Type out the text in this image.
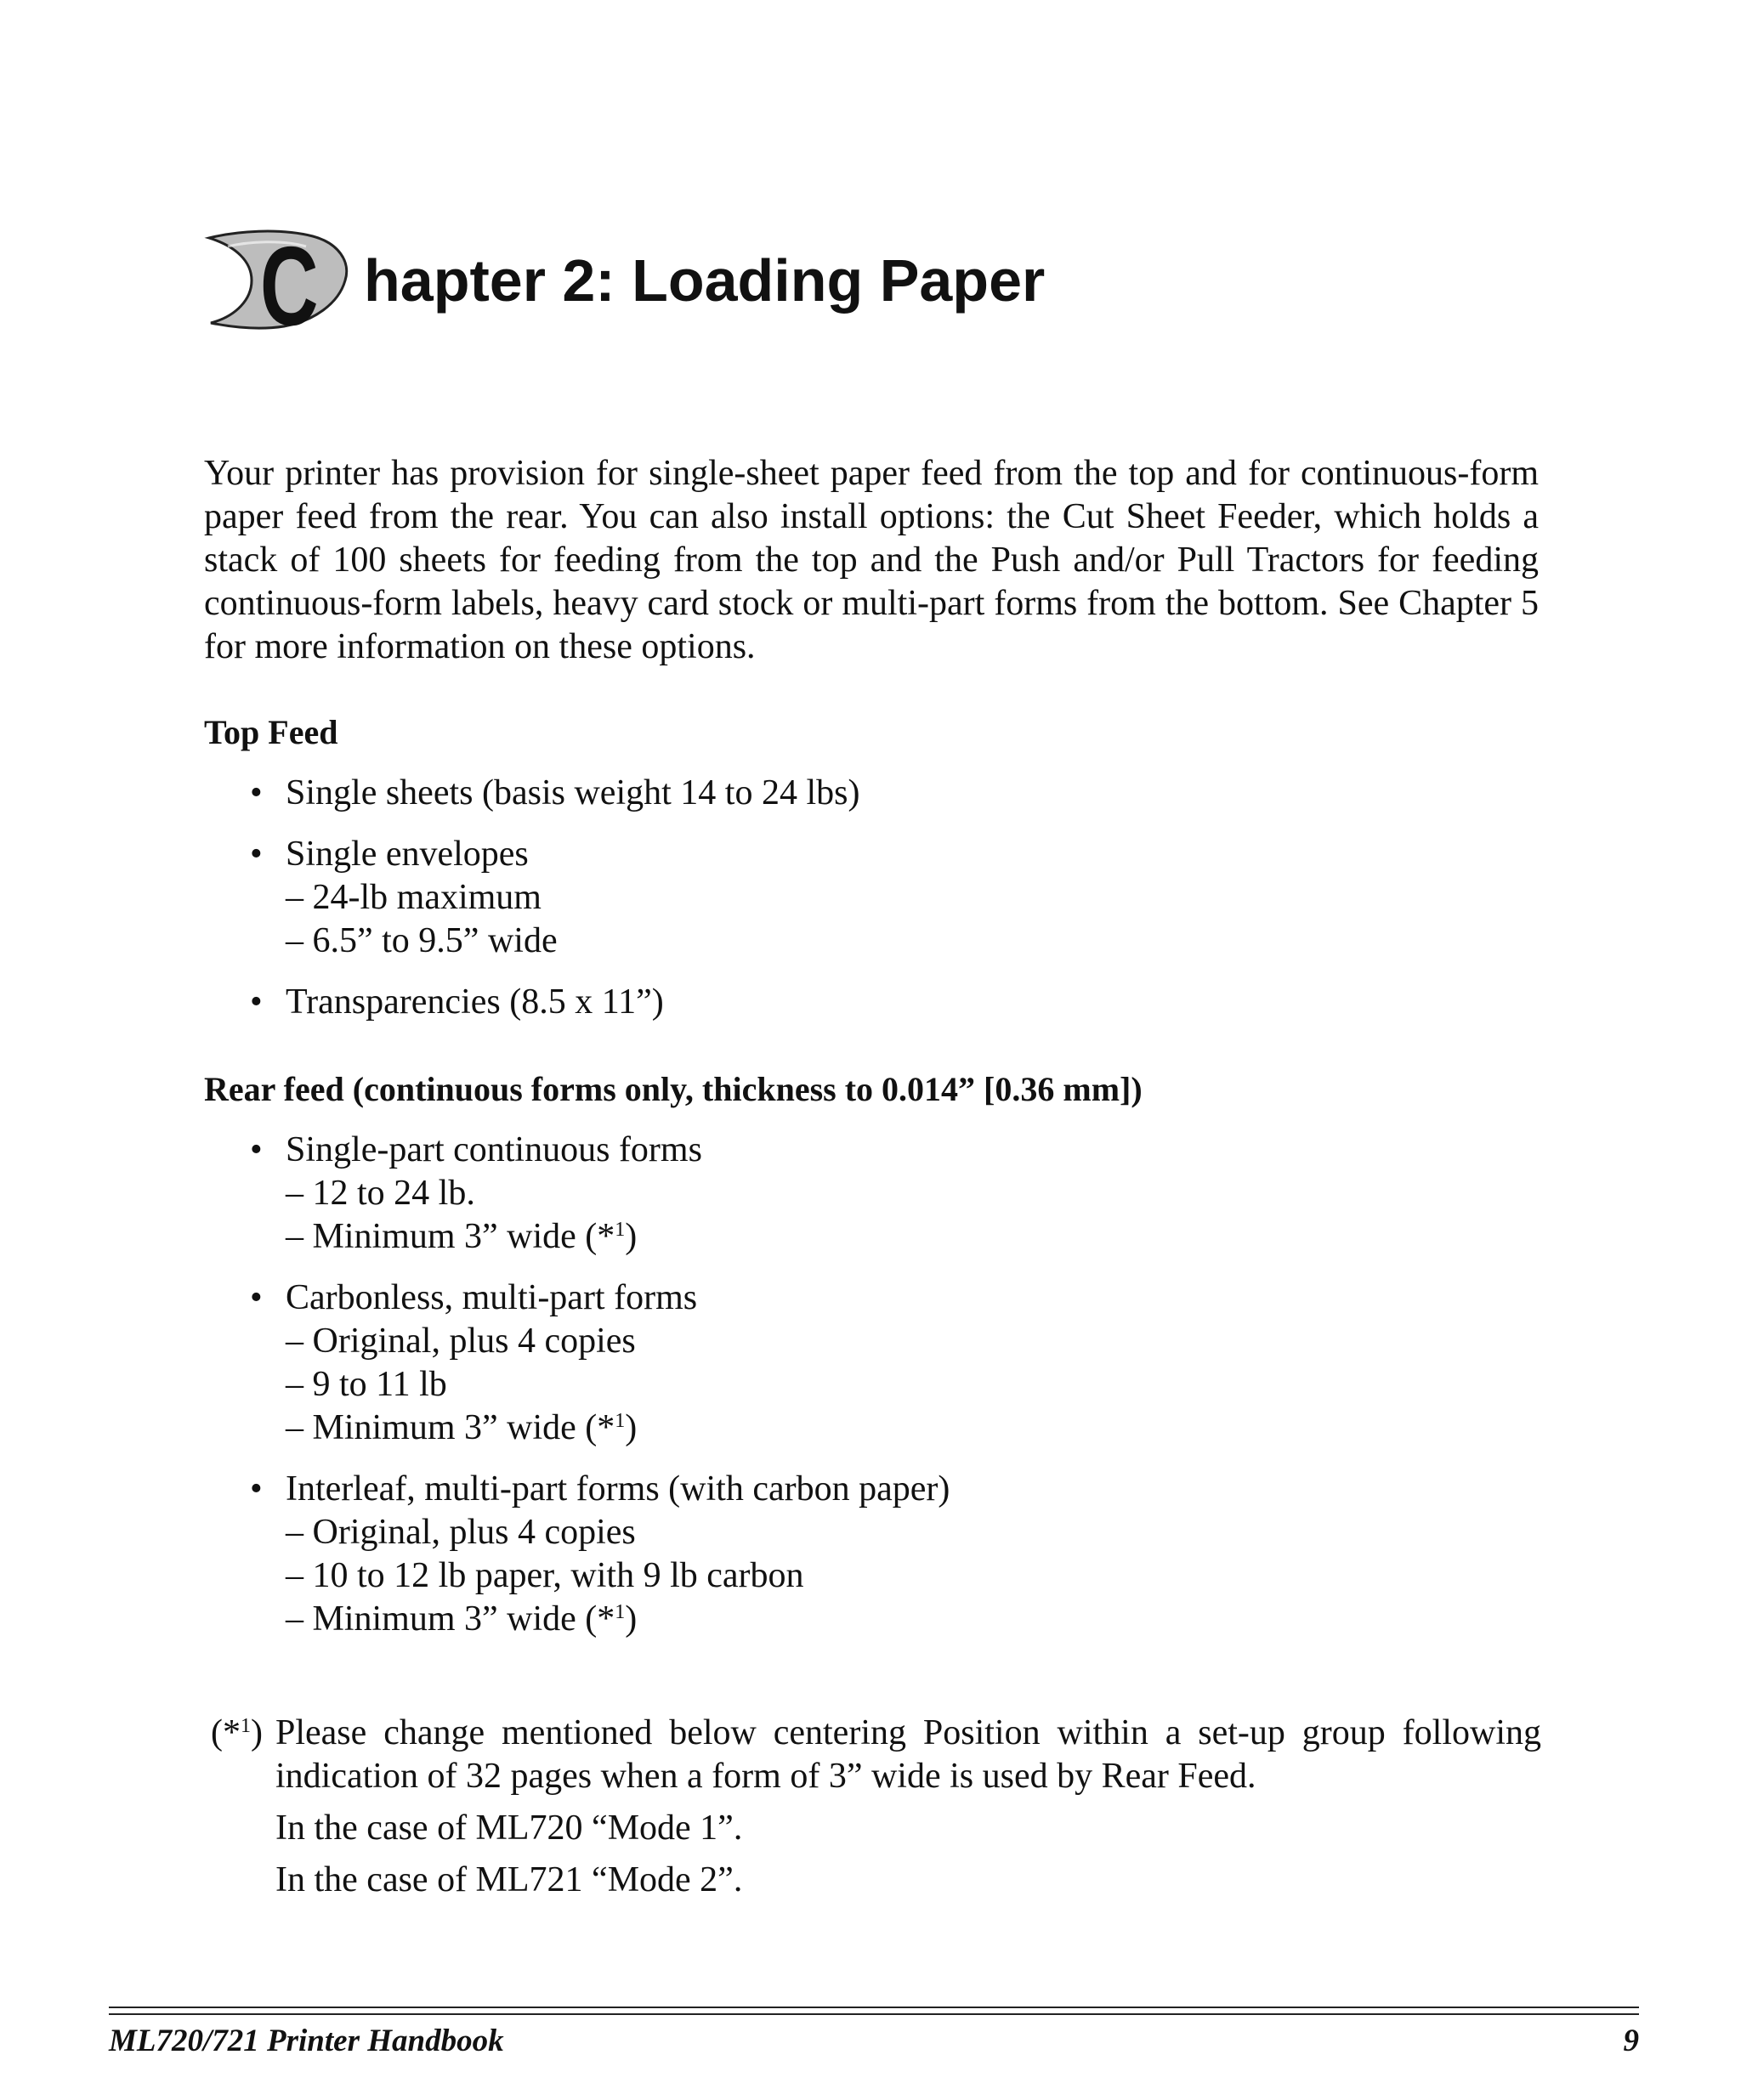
C hapter 2: Loading Paper

Your printer has provision for single-sheet paper feed from the top and for continuous-form paper feed from the rear. You can also install options: the Cut Sheet Feeder, which holds a stack of 100 sheets for feeding from the top and the Push and/or Pull Tractors for feeding continuous-form labels, heavy card stock or multi-part forms from the bottom. See Chapter 5 for more information on these options.

Top Feed
• Single sheets (basis weight 14 to 24 lbs)
• Single envelopes
– 24-lb maximum
– 6.5” to 9.5” wide
• Transparencies (8.5 x 11”)
Rear feed (continuous forms only, thickness to 0.014” [0.36 mm])
• Single-part continuous forms
– 12 to 24 lb.
– Minimum 3” wide (*$^1$)
• Carbonless, multi-part forms
– Original, plus 4 copies
– 9 to 11 lb
– Minimum 3” wide (*$^1$)
• Interleaf, multi-part forms (with carbon paper)
– Original, plus 4 copies
– 10 to 12 lb paper, with 9 lb carbon
– Minimum 3” wide (*$^1$)
(*$^1$) Please change mentioned below centering Position within a set-up group following indication of 32 pages when a form of 3” wide is used by Rear Feed.
In the case of ML720 “Mode 1”.
In the case of ML721 “Mode 2”.
ML720/721 Printer Handbook	9
